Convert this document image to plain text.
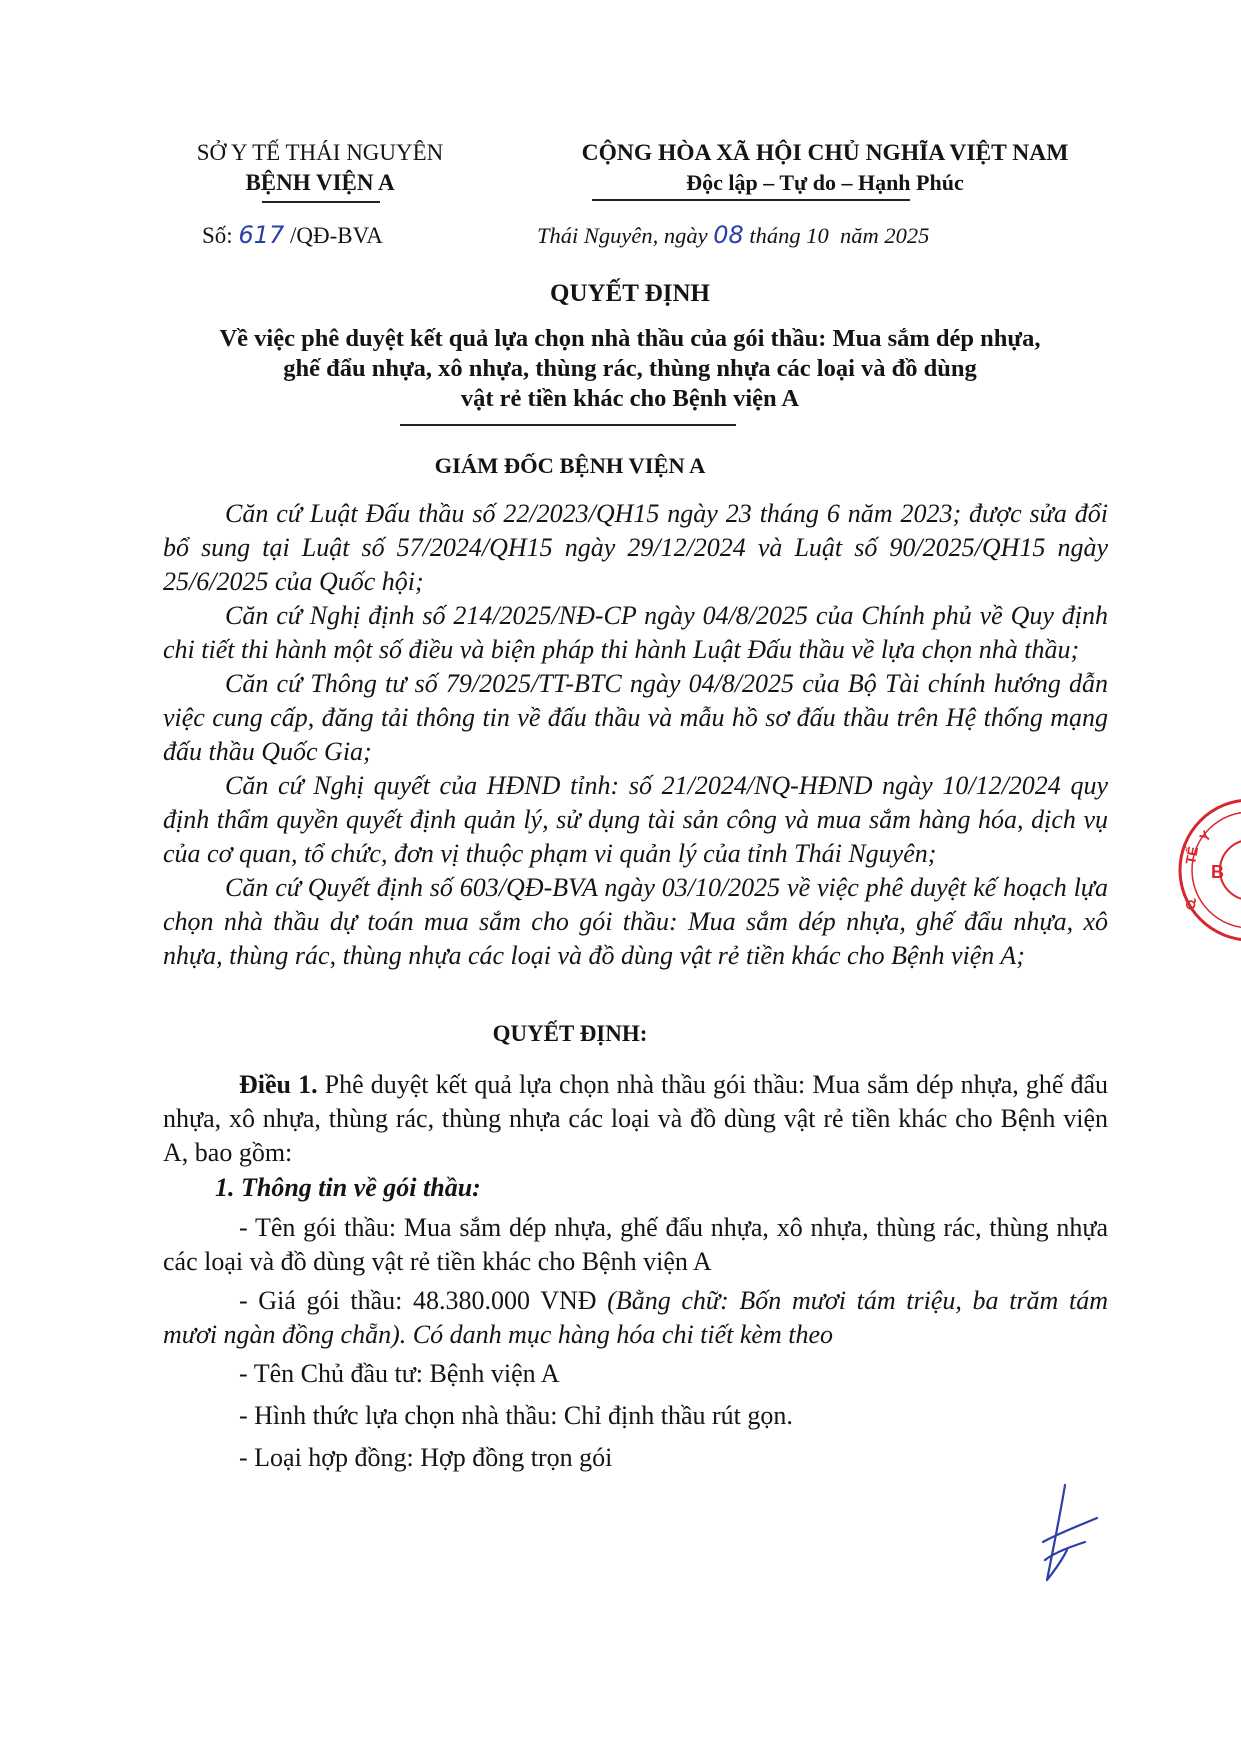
SỞ Y TẾ THÁI NGUYÊN
BỆNH VIỆN A
CỘNG HÒA XÃ HỘI CHỦ NGHĨA VIỆT NAM
Độc lập – Tự do – Hạnh Phúc
Số: 617 /QĐ-BVA	Thái Nguyên, ngày 08 tháng 10  năm 2025
QUYẾT ĐỊNH
Về việc phê duyệt kết quả lựa chọn nhà thầu của gói thầu: Mua sắm dép nhựa,
ghế đẩu nhựa, xô nhựa, thùng rác, thùng nhựa các loại và đồ dùng
vật rẻ tiền khác cho Bệnh viện A
GIÁM ĐỐC BỆNH VIỆN A

Căn cứ Luật Đấu thầu số 22/2023/QH15 ngày 23 tháng 6 năm 2023; được sửa đổi bổ sung tại Luật số 57/2024/QH15 ngày 29/12/2024 và Luật số 90/2025/QH15 ngày 25/6/2025 của Quốc hội;

Căn cứ Nghị định số 214/2025/NĐ-CP ngày 04/8/2025 của Chính phủ về Quy định chi tiết thi hành một số điều và biện pháp thi hành Luật Đấu thầu về lựa chọn nhà thầu;

Căn cứ Thông tư số 79/2025/TT-BTC ngày 04/8/2025 của Bộ Tài chính hướng dẫn việc cung cấp, đăng tải thông tin về đấu thầu và mẫu hồ sơ đấu thầu trên Hệ thống mạng đấu thầu Quốc Gia;

Căn cứ Nghị quyết của HĐND tỉnh: số 21/2024/NQ-HĐND ngày 10/12/2024 quy định thẩm quyền quyết định quản lý, sử dụng tài sản công và mua sắm hàng hóa, dịch vụ của cơ quan, tổ chức, đơn vị thuộc phạm vi quản lý của tỉnh Thái Nguyên;

Căn cứ Quyết định số 603/QĐ-BVA ngày 03/10/2025 về việc phê duyệt kế hoạch lựa chọn nhà thầu dự toán mua sắm cho gói thầu: Mua sắm dép nhựa, ghế đẩu nhựa, xô nhựa, thùng rác, thùng nhựa các loại và đồ dùng vật rẻ tiền khác cho Bệnh viện A;

QUYẾT ĐỊNH:

Điều 1. Phê duyệt kết quả lựa chọn nhà thầu gói thầu: Mua sắm dép nhựa, ghế đẩu nhựa, xô nhựa, thùng rác, thùng nhựa các loại và đồ dùng vật rẻ tiền khác cho Bệnh viện A, bao gồm:

1. Thông tin về gói thầu:

- Tên gói thầu: Mua sắm dép nhựa, ghế đẩu nhựa, xô nhựa, thùng rác, thùng nhựa các loại và đồ dùng vật rẻ tiền khác cho Bệnh viện A

- Giá gói thầu: 48.380.000 VNĐ (Bằng chữ: Bốn mươi tám triệu, ba trăm tám mươi ngàn đồng chẵn). Có danh mục hàng hóa chi tiết kèm theo

- Tên Chủ đầu tư: Bệnh viện A

- Hình thức lựa chọn nhà thầu: Chỉ định thầu rút gọn.

- Loại hợp đồng: Hợp đồng trọn gói

Y
TẾ
B
Q
